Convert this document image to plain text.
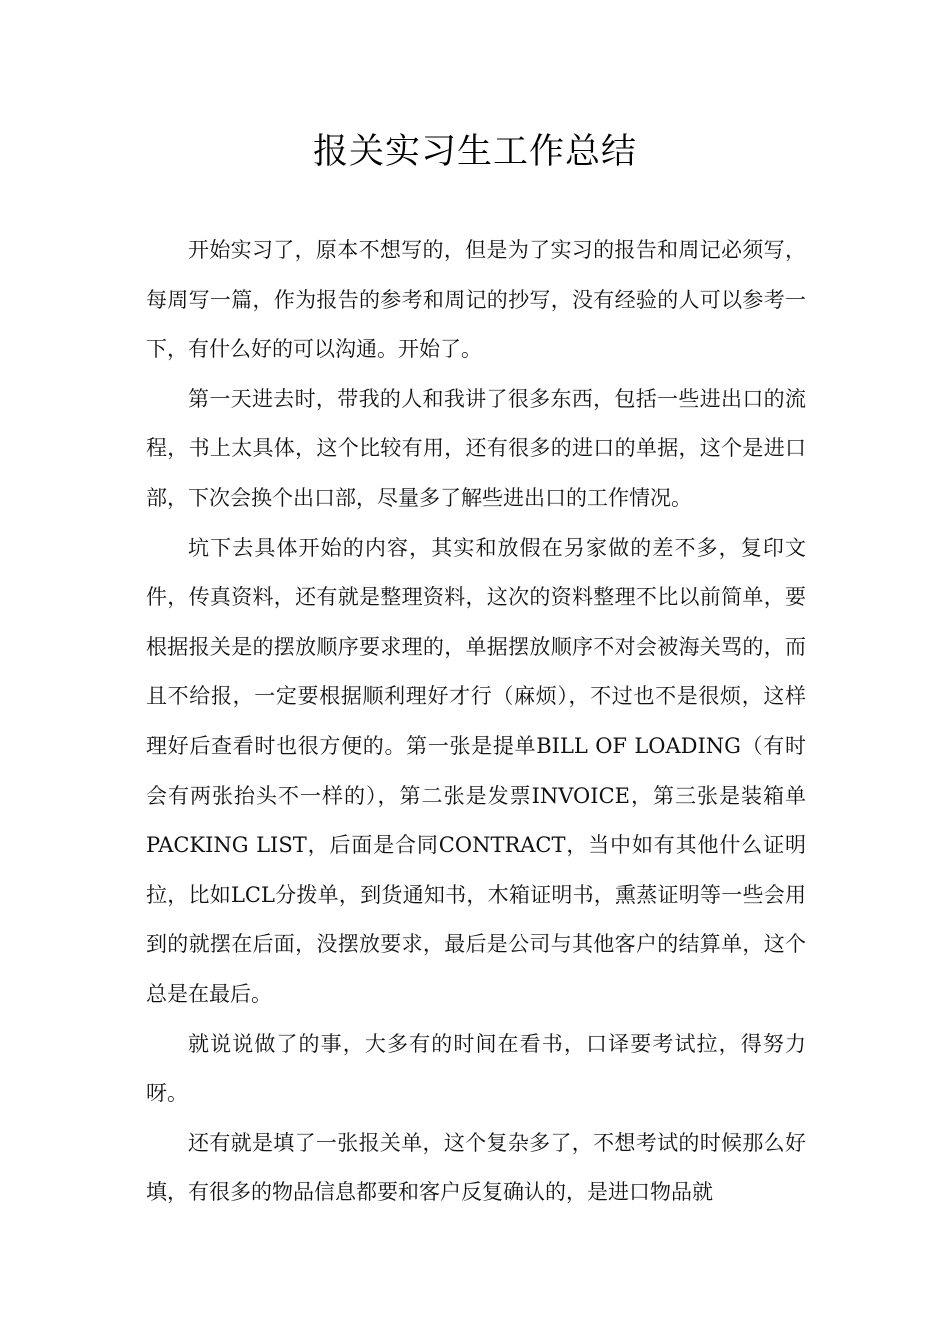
报关实习生工作总结

开始实习了，原本不想写的，但是为了实习的报告和周记必须写，每周写一篇，作为报告的参考和周记的抄写，没有经验的人可以参考一下，有什么好的可以沟通。开始了。

第一天进去时，带我的人和我讲了很多东西，包括一些进出口的流程，书上太具体，这个比较有用，还有很多的进口的单据，这个是进口部，下次会换个出口部，尽量多了解些进出口的工作情况。

坑下去具体开始的内容，其实和放假在另家做的差不多，复印文件，传真资料，还有就是整理资料，这次的资料整理不比以前简单，要根据报关是的摆放顺序要求理的，单据摆放顺序不对会被海关骂的，而且不给报，一定要根据顺利理好才行（麻烦），不过也不是很烦，这样理好后查看时也很方便的。第一张是提单BILL OF LOADING（有时会有两张抬头不一样的），第二张是发票INVOICE，第三张是装箱单PACKING LIST，后面是合同CONTRACT，当中如有其他什么证明拉，比如LCL分拨单，到货通知书，木箱证明书，熏蒸证明等一些会用到的就摆在后面，没摆放要求，最后是公司与其他客户的结算单，这个总是在最后。

就说说做了的事，大多有的时间在看书，口译要考试拉，得努力呀。

还有就是填了一张报关单，这个复杂多了，不想考试的时候那么好填，有很多的物品信息都要和客户反复确认的，是进口物品就
